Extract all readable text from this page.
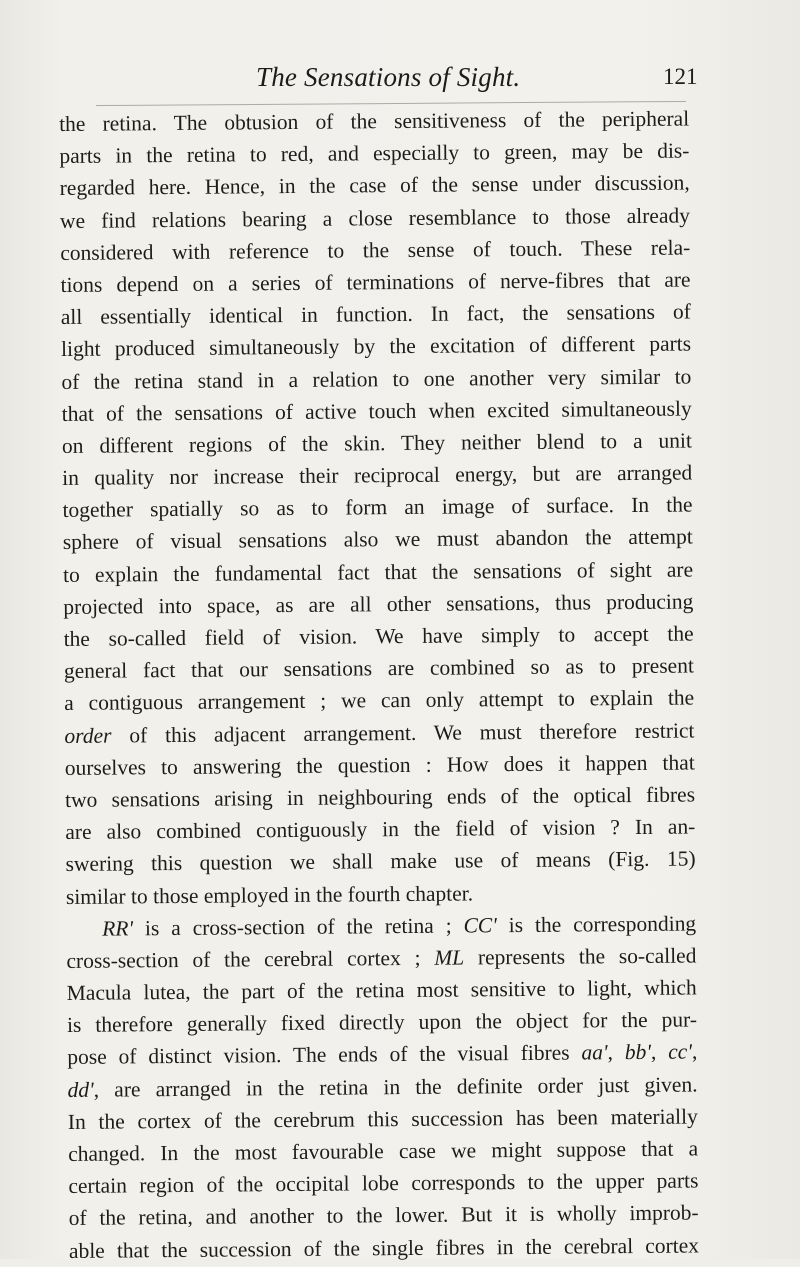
The Sensations of Sight.	121
the retina. The obtusion of the sensitiveness of the peripheral
parts in the retina to red, and especially to green, may be dis-
regarded here. Hence, in the case of the sense under discussion,
we find relations bearing a close resemblance to those already
considered with reference to the sense of touch. These rela-
tions depend on a series of terminations of nerve-fibres that are
all essentially identical in function. In fact, the sensations of
light produced simultaneously by the excitation of different parts
of the retina stand in a relation to one another very similar to
that of the sensations of active touch when excited simultaneously
on different regions of the skin. They neither blend to a unit
in quality nor increase their reciprocal energy, but are arranged
together spatially so as to form an image of surface. In the
sphere of visual sensations also we must abandon the attempt
to explain the fundamental fact that the sensations of sight are
projected into space, as are all other sensations, thus producing
the so-called field of vision. We have simply to accept the
general fact that our sensations are combined so as to present
a contiguous arrangement ; we can only attempt to explain the
order of this adjacent arrangement. We must therefore restrict
ourselves to answering the question : How does it happen that
two sensations arising in neighbouring ends of the optical fibres
are also combined contiguously in the field of vision ? In an-
swering this question we shall make use of means (Fig. 15)
similar to those employed in the fourth chapter.
RR' is a cross-section of the retina ; CC' is the corresponding
cross-section of the cerebral cortex ; ML represents the so-called
Macula lutea, the part of the retina most sensitive to light, which
is therefore generally fixed directly upon the object for the pur-
pose of distinct vision. The ends of the visual fibres aa', bb', cc',
dd', are arranged in the retina in the definite order just given.
In the cortex of the cerebrum this succession has been materially
changed. In the most favourable case we might suppose that a
certain region of the occipital lobe corresponds to the upper parts
of the retina, and another to the lower. But it is wholly improb-
able that the succession of the single fibres in the cerebral cortex
